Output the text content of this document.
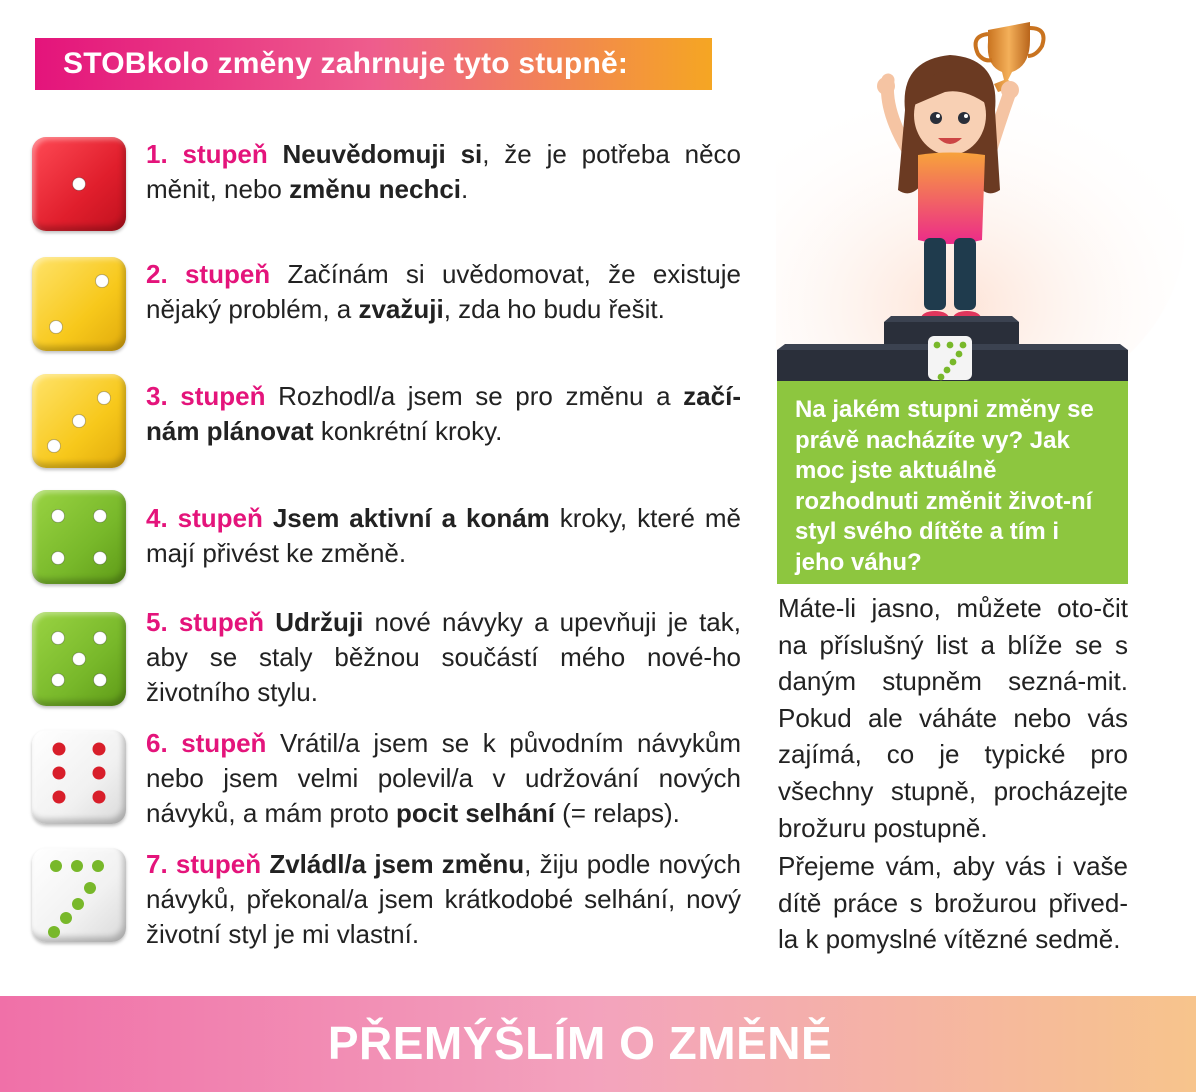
STOBkolo změny zahrnuje tyto stupně:
1. stupeň Neuvědomuji si, že je potřeba něco měnit, nebo změnu nechci.
2. stupeň Začínám si uvědomovat, že existuje nějaký problém, a zvažuji, zda ho budu řešit.
3. stupeň Rozhodl/a jsem se pro změnu a začí-nám plánovat konkrétní kroky.
4. stupeň Jsem aktivní a konám kroky, které mě mají přivést ke změně.
5. stupeň Udržuji nové návyky a upevňuji je tak, aby se staly běžnou součástí mého nové-ho životního stylu.
6. stupeň Vrátil/a jsem se k původním návykům nebo jsem velmi polevil/a v udržování nových návyků, a mám proto pocit selhání (= relaps).
7. stupeň Zvládl/a jsem změnu, žiju podle nových návyků, překonal/a jsem krátkodobé selhání, nový životní styl je mi vlastní.

Na jakém stupni změny se právě nacházíte vy? Jak moc jste aktuálně rozhodnuti změnit život-ní styl svého dítěte a tím i jeho váhu?

Máte-li jasno, můžete oto-čit na příslušný list a blíže se s daným stupněm sezná-mit. Pokud ale váháte nebo vás zajímá, co je typické pro všechny stupně, procházejte brožuru postupně.

Přejeme vám, aby vás i vaše dítě práce s brožurou přived-la k pomyslné vítězné sedmě.

PŘEMÝŠLÍM O ZMĚNĚ
